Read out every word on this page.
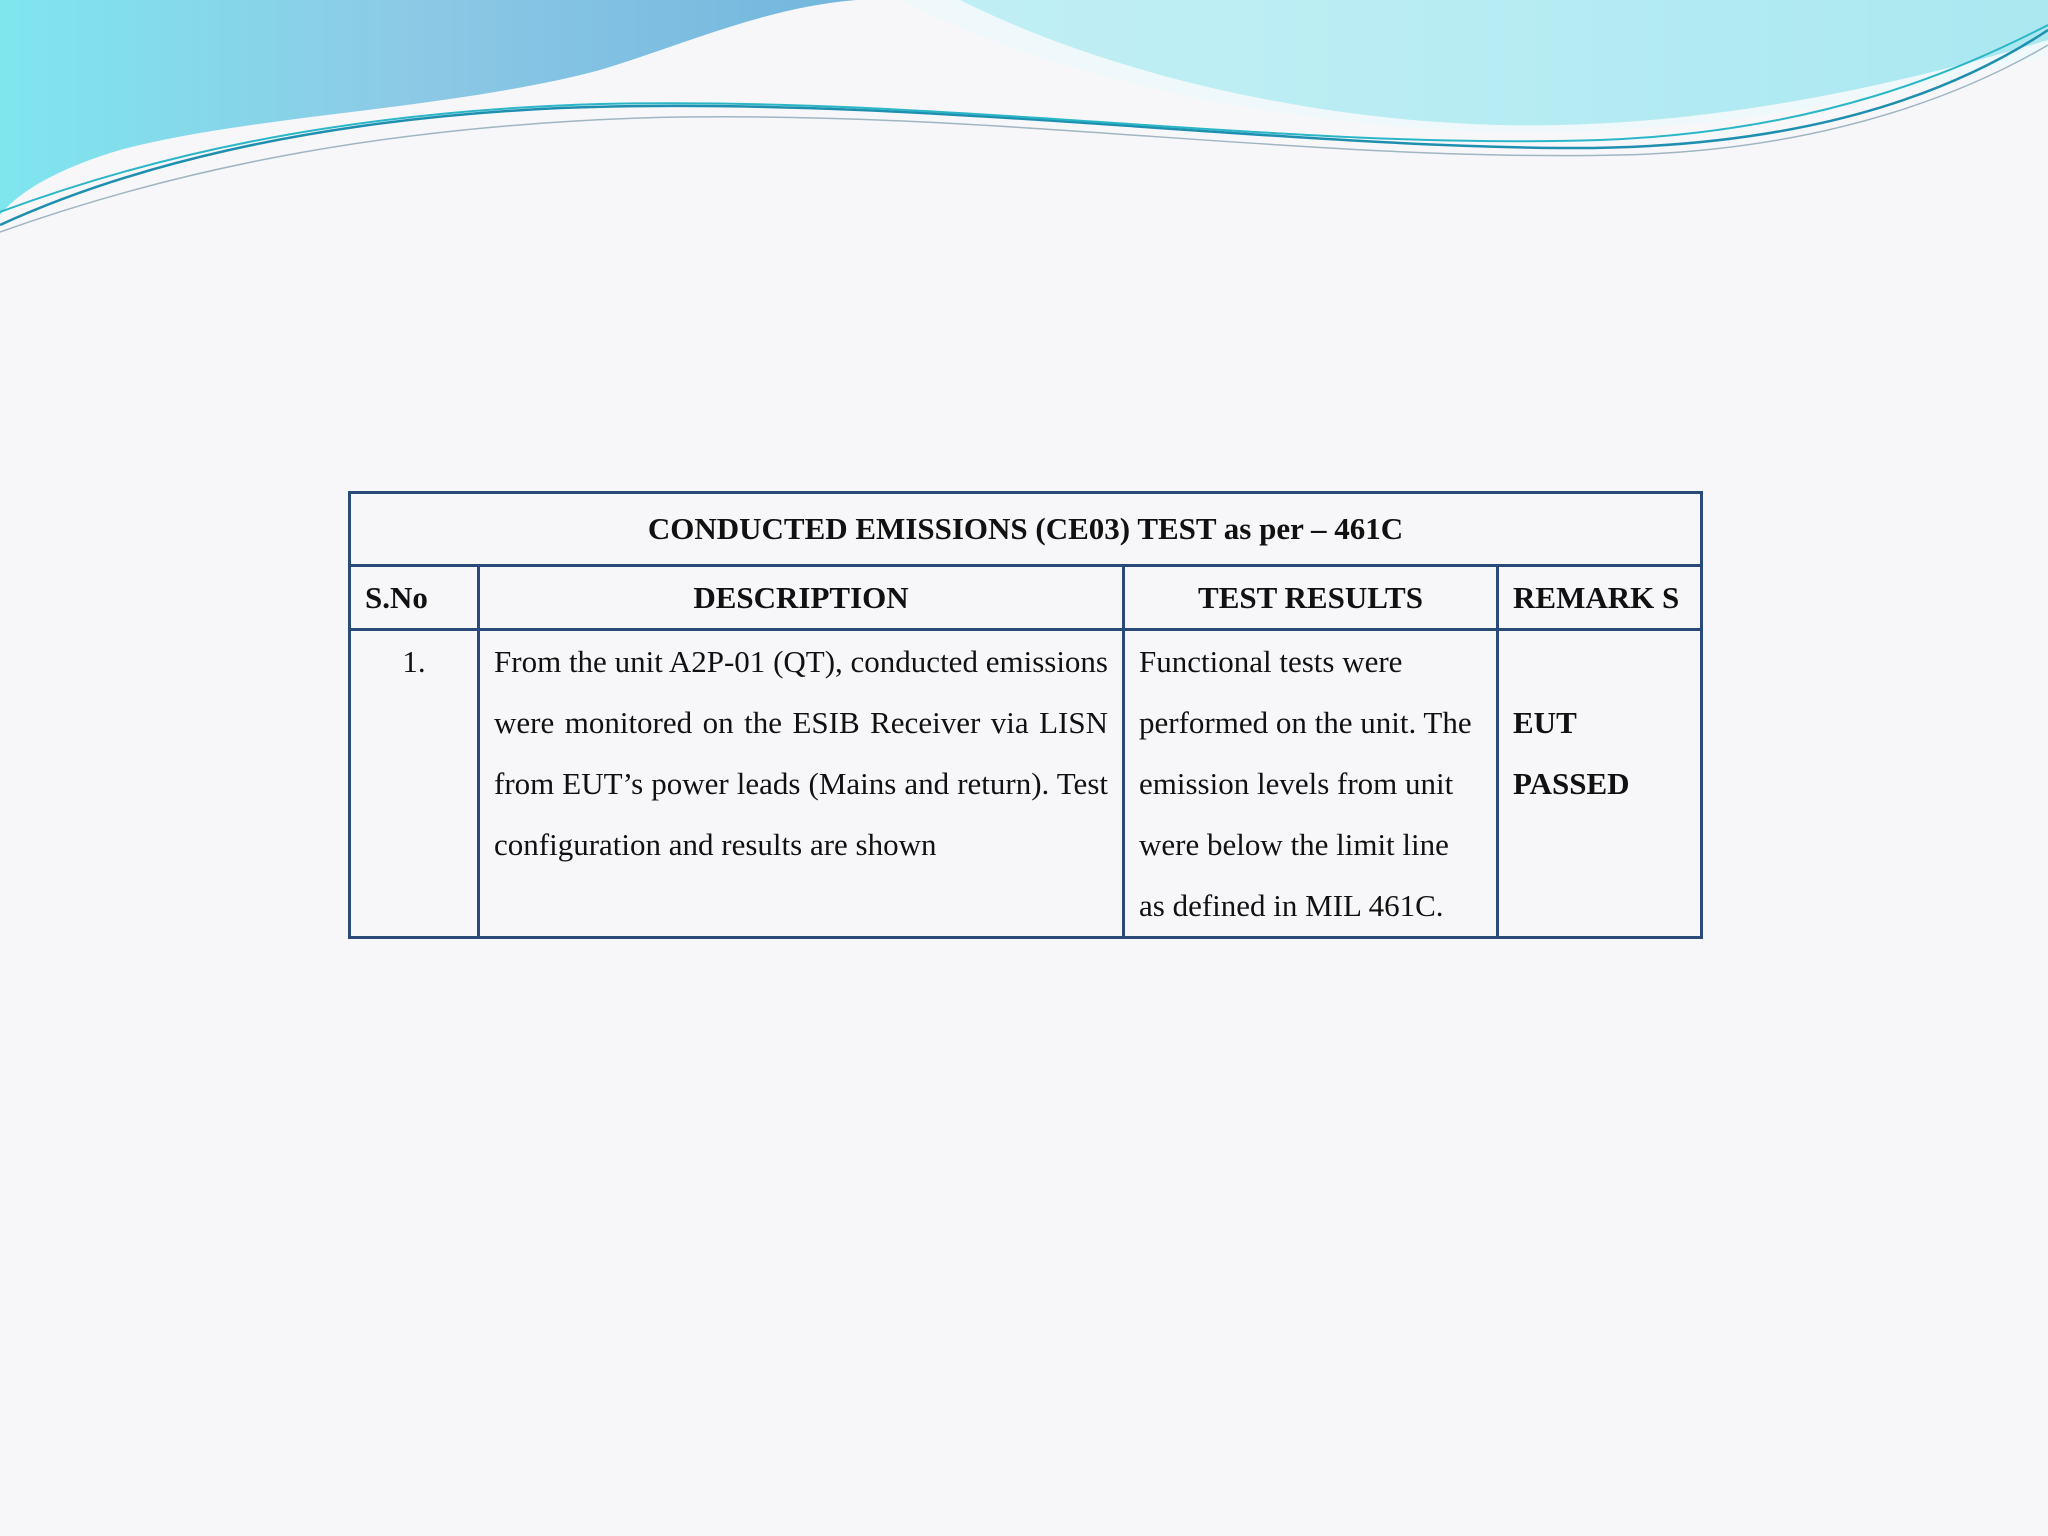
CONDUCTED EMISSIONS (CE03) TEST as per – 461C			
S.No	DESCRIPTION	TEST RESULTS	REMARK S
1.	From the unit A2P-01 (QT), conducted emissions were monitored on the ESIB Receiver via LISN from EUT’s power leads (Mains and return). Test configuration and results are shown	Functional tests were performed on the unit. The emission levels from unit were below the limit line as defined in MIL 461C.	EUT PASSED
